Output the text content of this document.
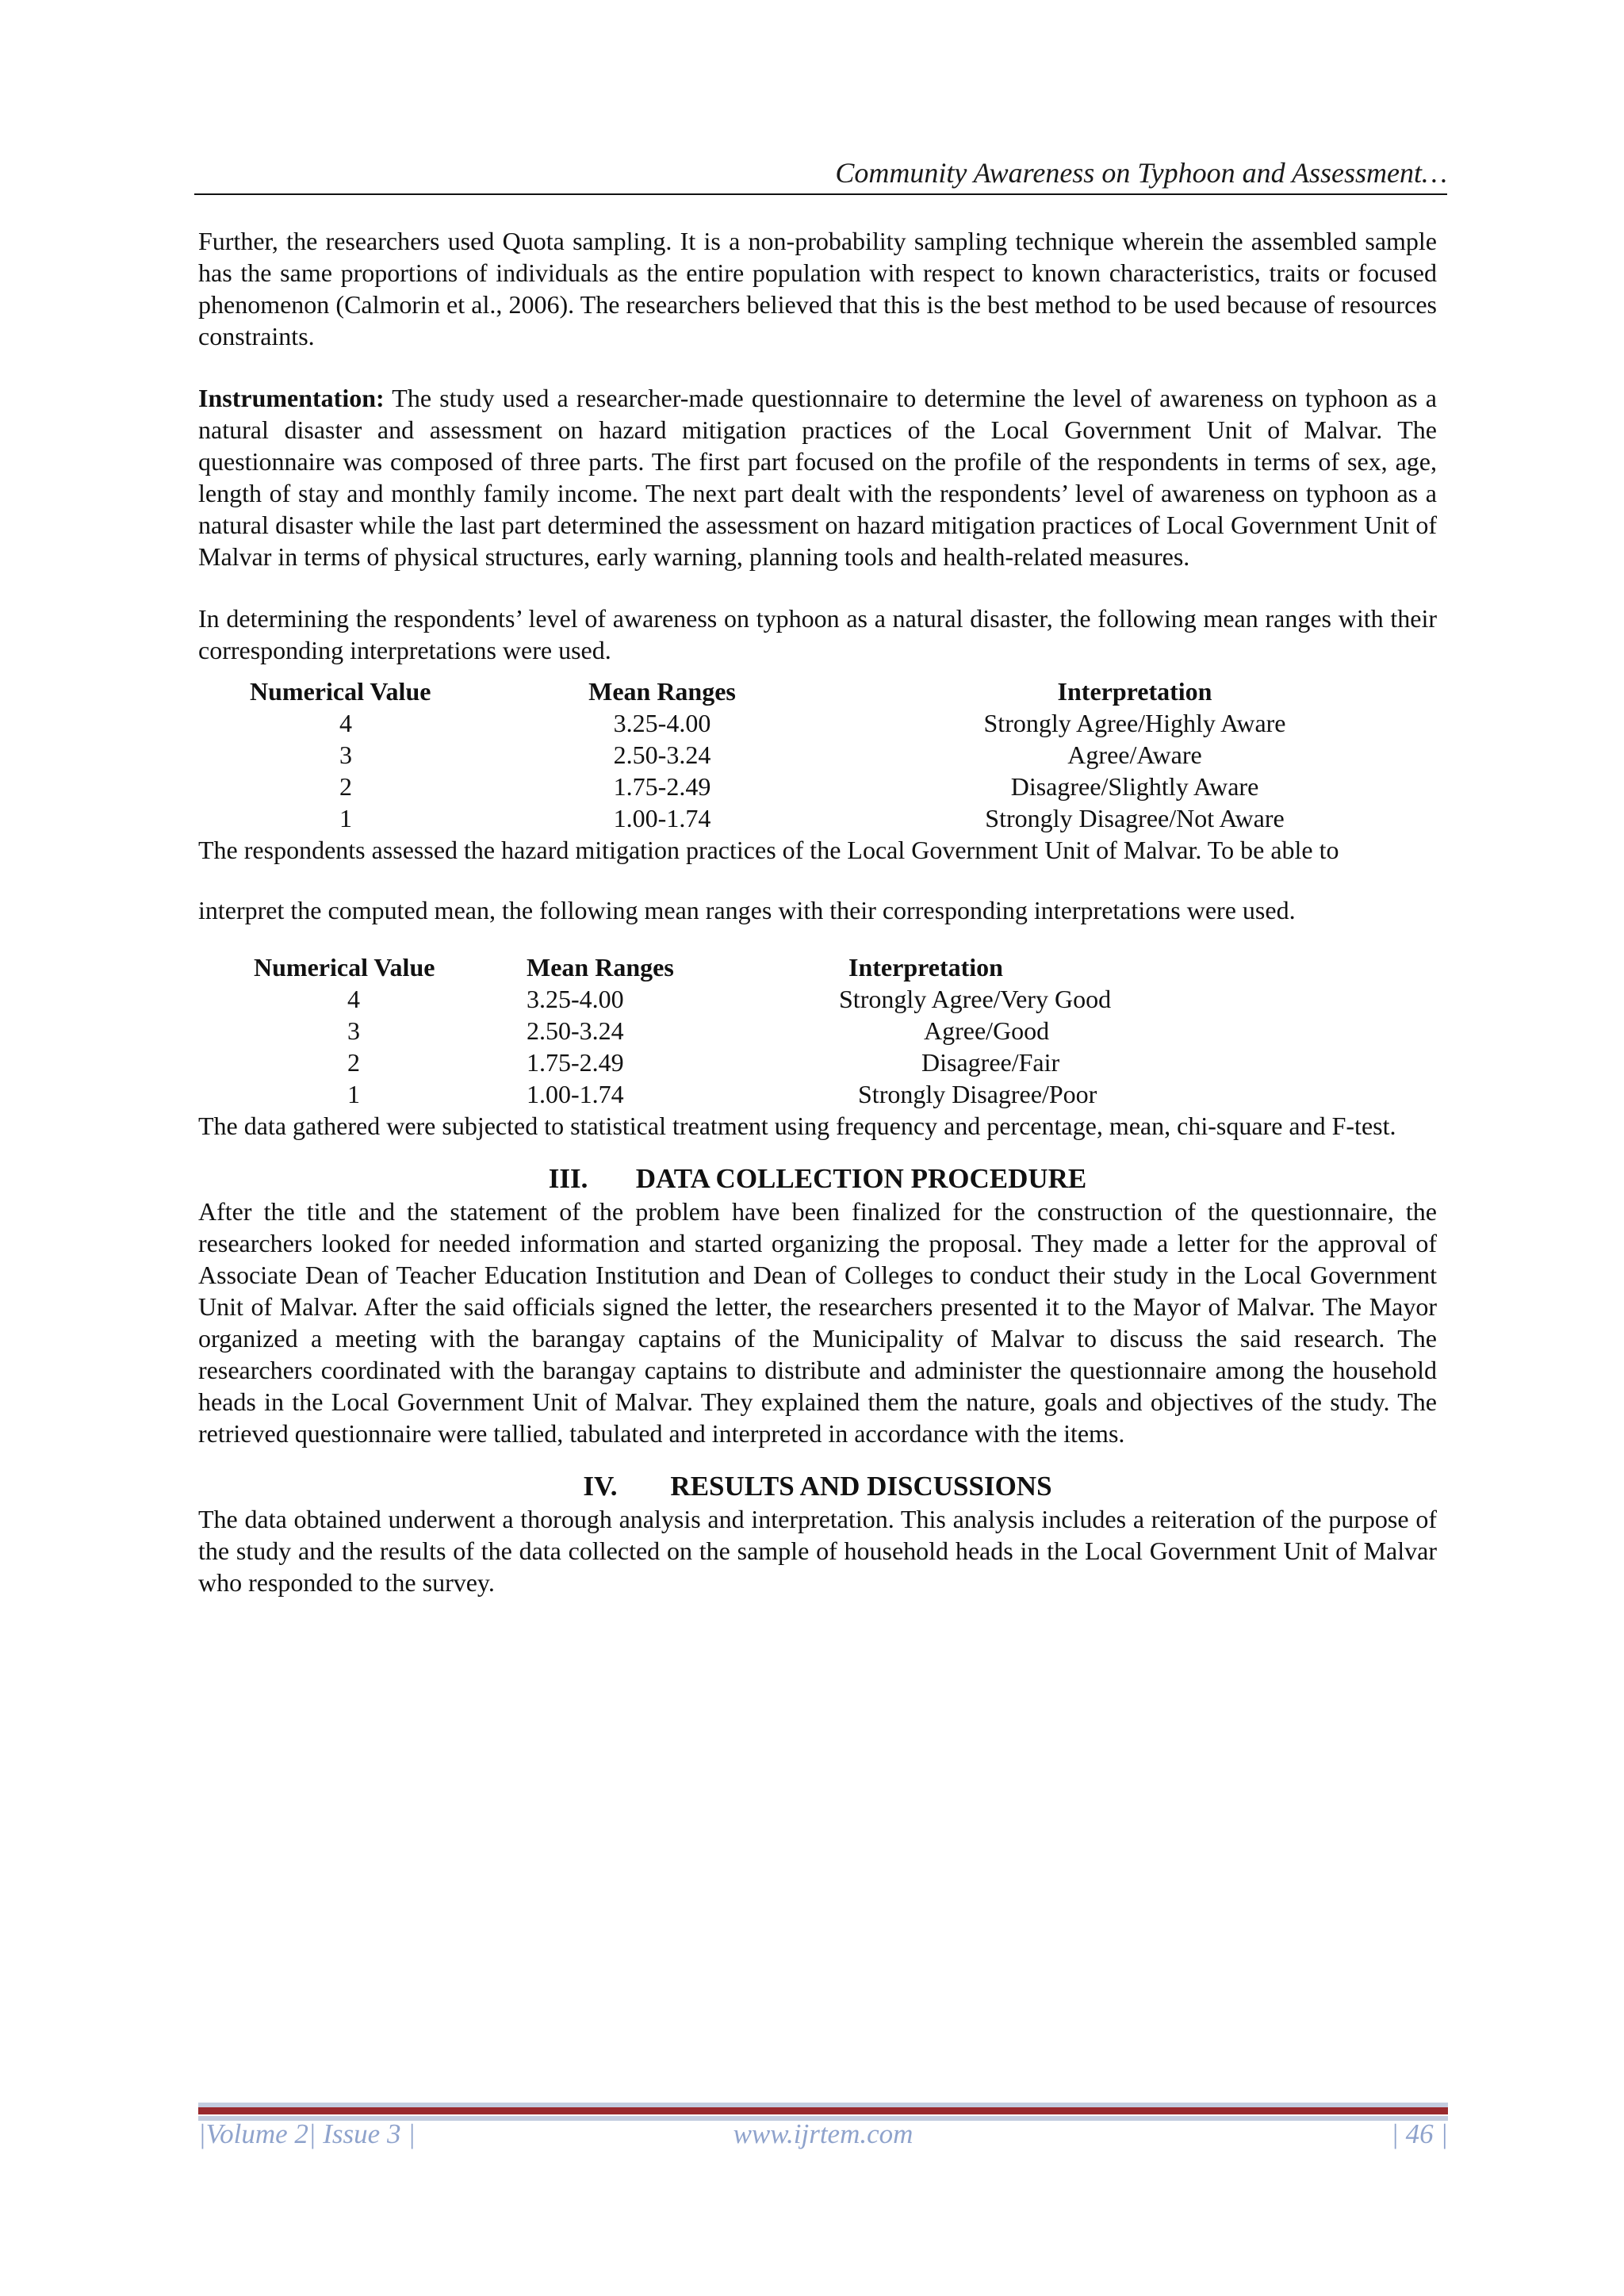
Community Awareness on Typhoon and Assessment…

Further, the researchers used Quota sampling. It is a non-probability sampling technique wherein the assembled sample has the same proportions of individuals as the entire population with respect to known characteristics, traits or focused phenomenon (Calmorin et al., 2006). The researchers believed that this is the best method to be used because of resources constraints.

Instrumentation: The study used a researcher-made questionnaire to determine the level of awareness on typhoon as a natural disaster and assessment on hazard mitigation practices of the Local Government Unit of Malvar. The questionnaire was composed of three parts. The first part focused on the profile of the respondents in terms of sex, age, length of stay and monthly family income. The next part dealt with the respondents’ level of awareness on typhoon as a natural disaster while the last part determined the assessment on hazard mitigation practices of Local Government Unit of Malvar in terms of physical structures, early warning, planning tools and health-related measures.

In determining the respondents’ level of awareness on typhoon as a natural disaster, the following mean ranges with their corresponding interpretations were used.

Numerical Value	Mean Ranges	Interpretation
4	3.25-4.00	Strongly Agree/Highly Aware
3	2.50-3.24	Agree/Aware
2	1.75-2.49	Disagree/Slightly Aware
1	1.00-1.74	Strongly Disagree/Not Aware

The respondents assessed the hazard mitigation practices of the Local Government Unit of Malvar. To be able to

interpret the computed mean, the following mean ranges with their corresponding interpretations were used.

Numerical Value	Mean Ranges	Interpretation
4	3.25-4.00	Strongly Agree/Very Good
3	2.50-3.24	Agree/Good
2	1.75-2.49	Disagree/Fair
1	1.00-1.74	Strongly Disagree/Poor

The data gathered were subjected to statistical treatment using frequency and percentage, mean, chi-square and F-test.

III. DATA COLLECTION PROCEDURE

After the title and the statement of the problem have been finalized for the construction of the questionnaire, the researchers looked for needed information and started organizing the proposal. They made a letter for the approval of Associate Dean of Teacher Education Institution and Dean of Colleges to conduct their study in the Local Government Unit of Malvar. After the said officials signed the letter, the researchers presented it to the Mayor of Malvar. The Mayor organized a meeting with the barangay captains of the Municipality of Malvar to discuss the said research. The researchers coordinated with the barangay captains to distribute and administer the questionnaire among the household heads in the Local Government Unit of Malvar. They explained them the nature, goals and objectives of the study. The retrieved questionnaire were tallied, tabulated and interpreted in accordance with the items.

IV. RESULTS AND DISCUSSIONS

The data obtained underwent a thorough analysis and interpretation. This analysis includes a reiteration of the purpose of the study and the results of the data collected on the sample of household heads in the Local Government Unit of Malvar who responded to the survey.

|Volume 2| Issue 3 |	www.ijrtem.com	| 46 |
